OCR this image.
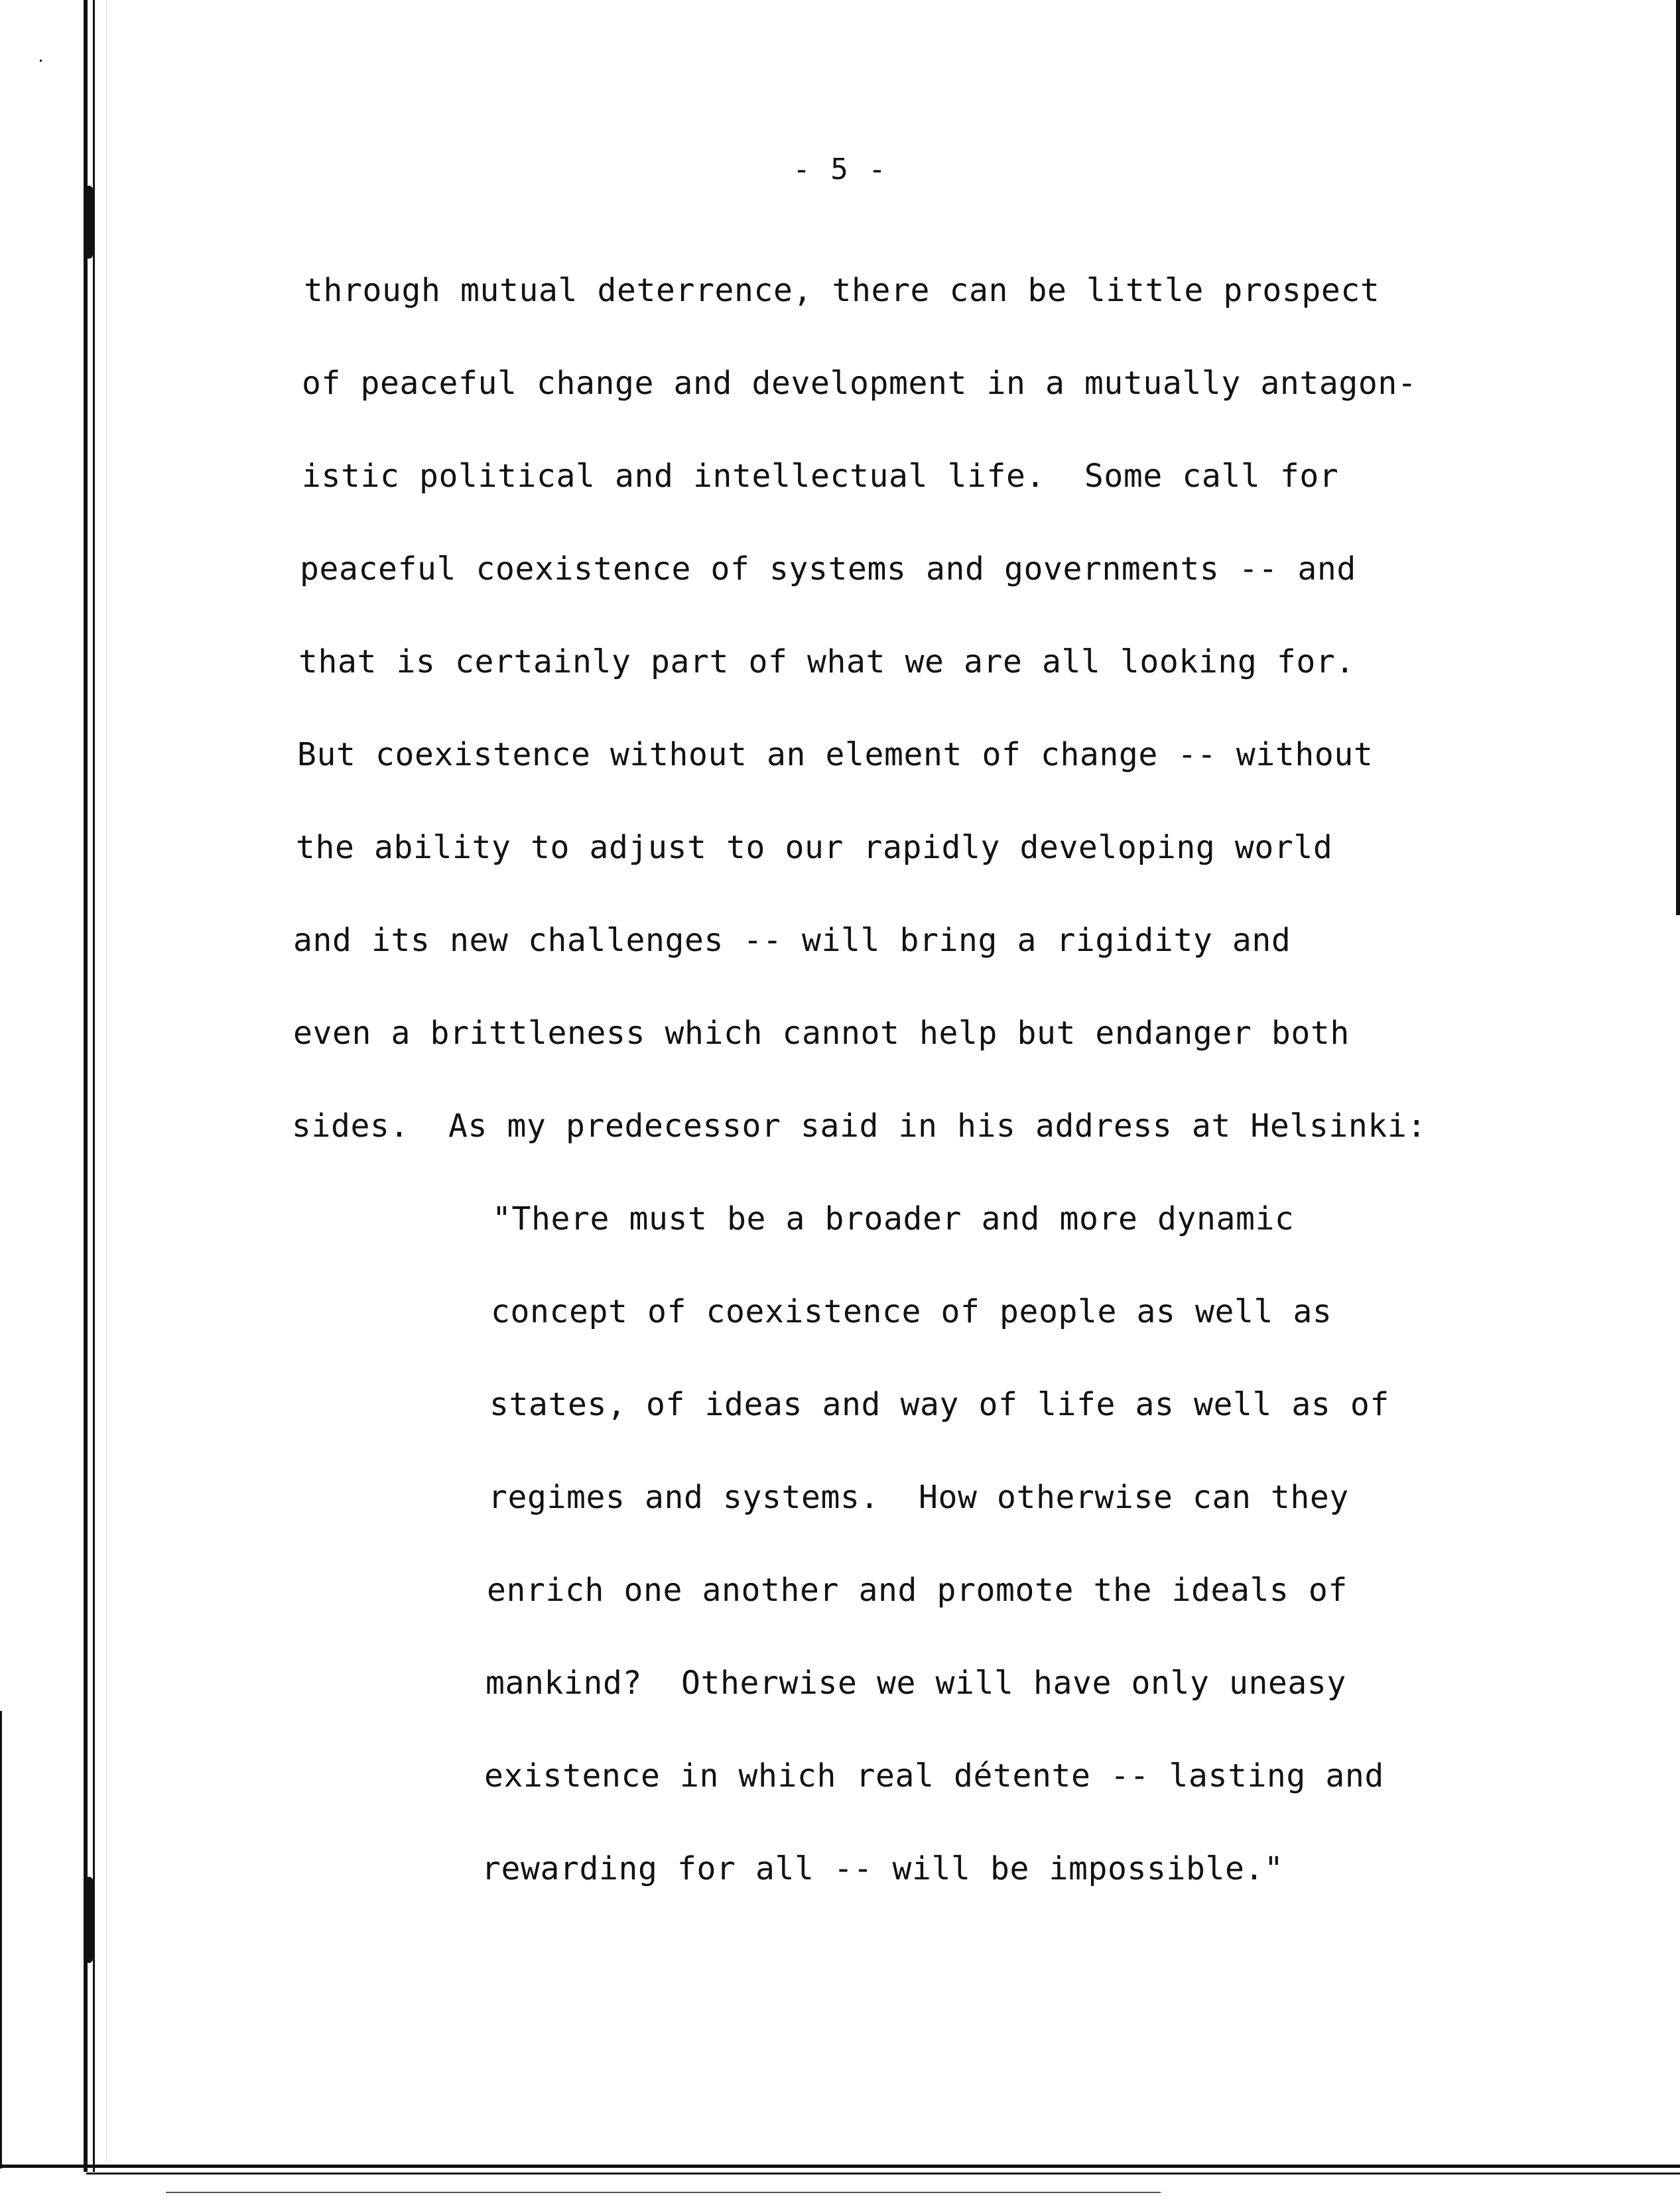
- 5 -
through mutual deterrence, there can be little prospect
of peaceful change and development in a mutually antagon-
istic political and intellectual life.  Some call for
peaceful coexistence of systems and governments -- and
that is certainly part of what we are all looking for.
But coexistence without an element of change -- without
the ability to adjust to our rapidly developing world
and its new challenges -- will bring a rigidity and
even a brittleness which cannot help but endanger both
sides.  As my predecessor said in his address at Helsinki:
"There must be a broader and more dynamic
concept of coexistence of people as well as
states, of ideas and way of life as well as of
regimes and systems.  How otherwise can they
enrich one another and promote the ideals of
mankind?  Otherwise we will have only uneasy
existence in which real détente -- lasting and
rewarding for all -- will be impossible."
